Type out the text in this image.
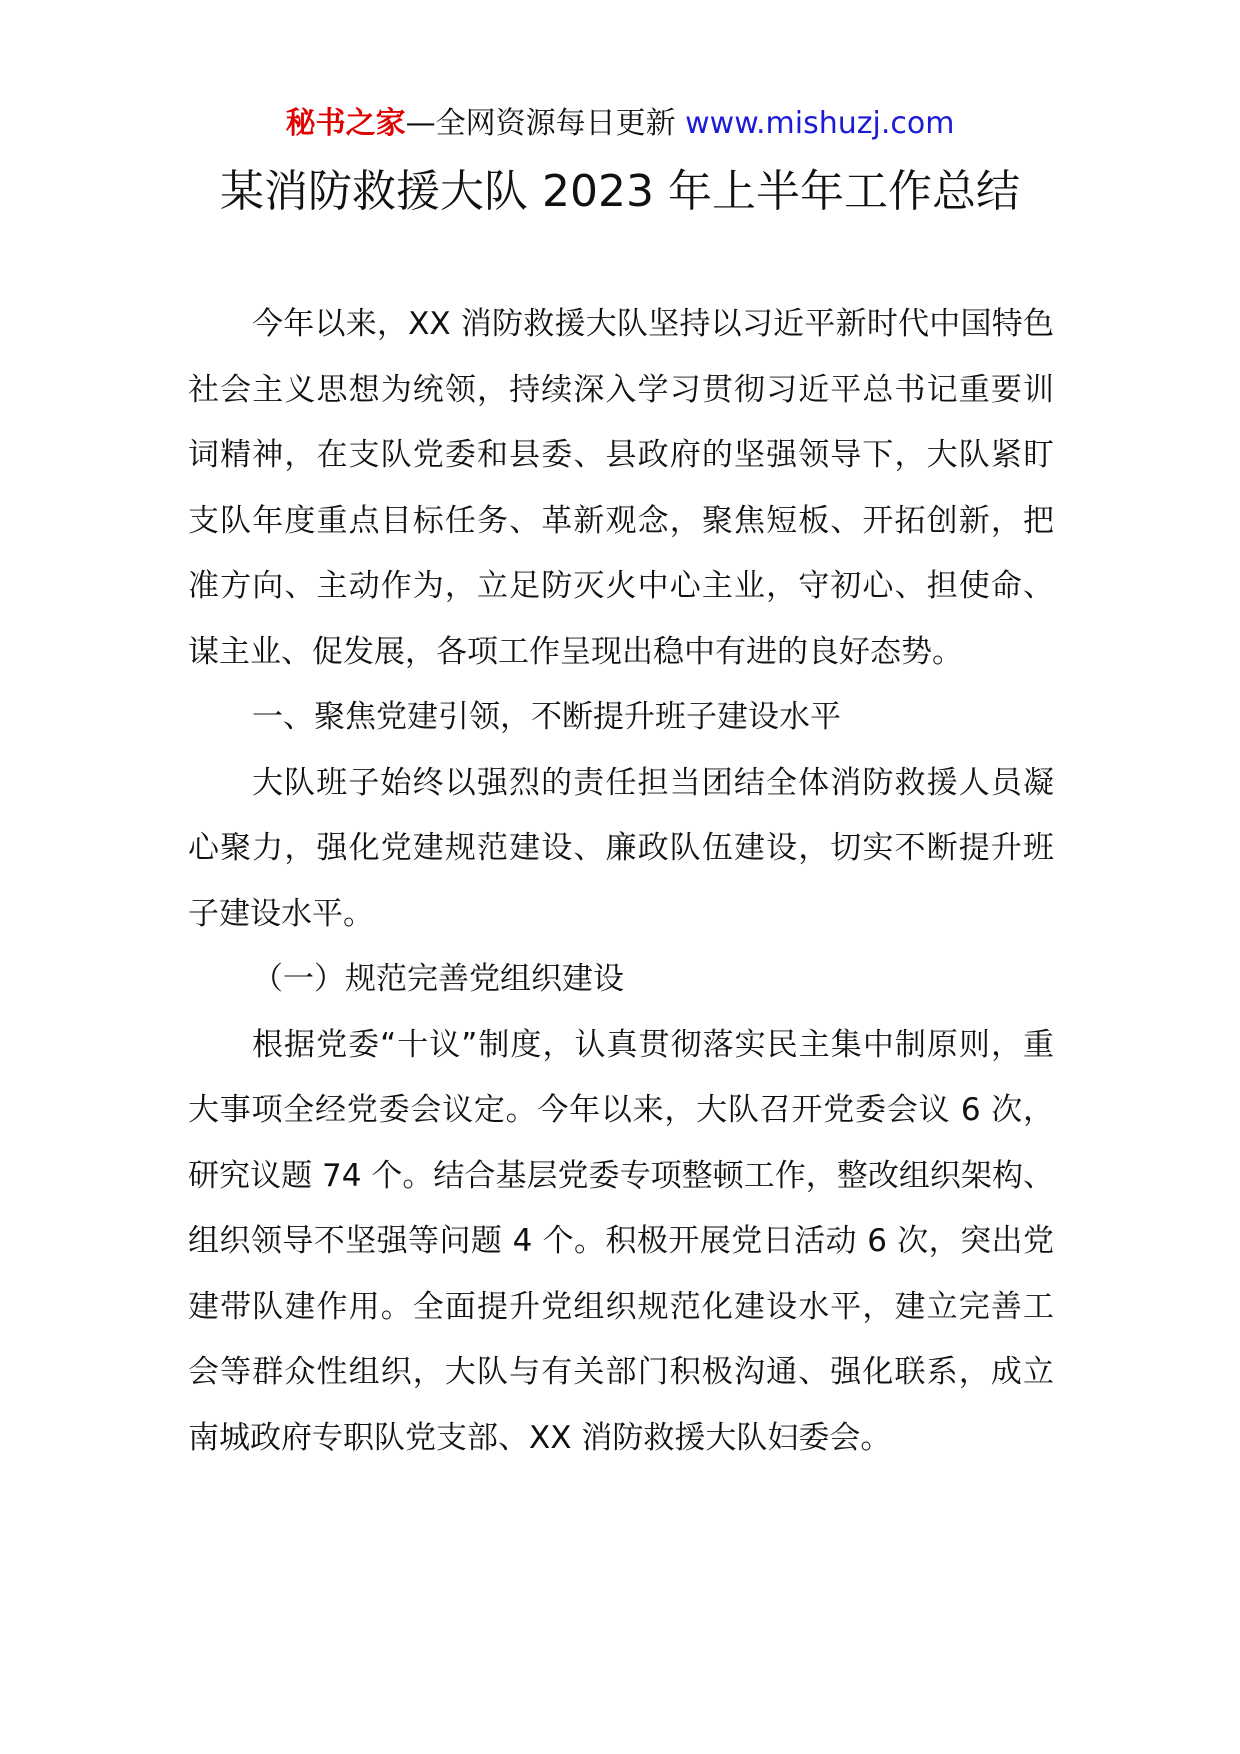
秘书之家—全网资源每日更新 www.mishuzj.com
某消防救援大队 2023 年上半年工作总结

今年以来，XX 消防救援大队坚持以习近平新时代中国特色社会主义思想为统领，持续深入学习贯彻习近平总书记重要训词精神，在支队党委和县委、县政府的坚强领导下，大队紧盯支队年度重点目标任务、革新观念，聚焦短板、开拓创新，把准方向、主动作为，立足防灭火中心主业，守初心、担使命、谋主业、促发展，各项工作呈现出稳中有进的良好态势。

一、聚焦党建引领，不断提升班子建设水平

大队班子始终以强烈的责任担当团结全体消防救援人员凝心聚力，强化党建规范建设、廉政队伍建设，切实不断提升班子建设水平。

（一）规范完善党组织建设

根据党委“十议”制度，认真贯彻落实民主集中制原则，重大事项全经党委会议定。今年以来，大队召开党委会议 6 次，研究议题 74 个。结合基层党委专项整顿工作，整改组织架构、组织领导不坚强等问题 4 个。积极开展党日活动 6 次，突出党建带队建作用。全面提升党组织规范化建设水平，建立完善工会等群众性组织，大队与有关部门积极沟通、强化联系，成立南城政府专职队党支部、XX 消防救援大队妇委会。
